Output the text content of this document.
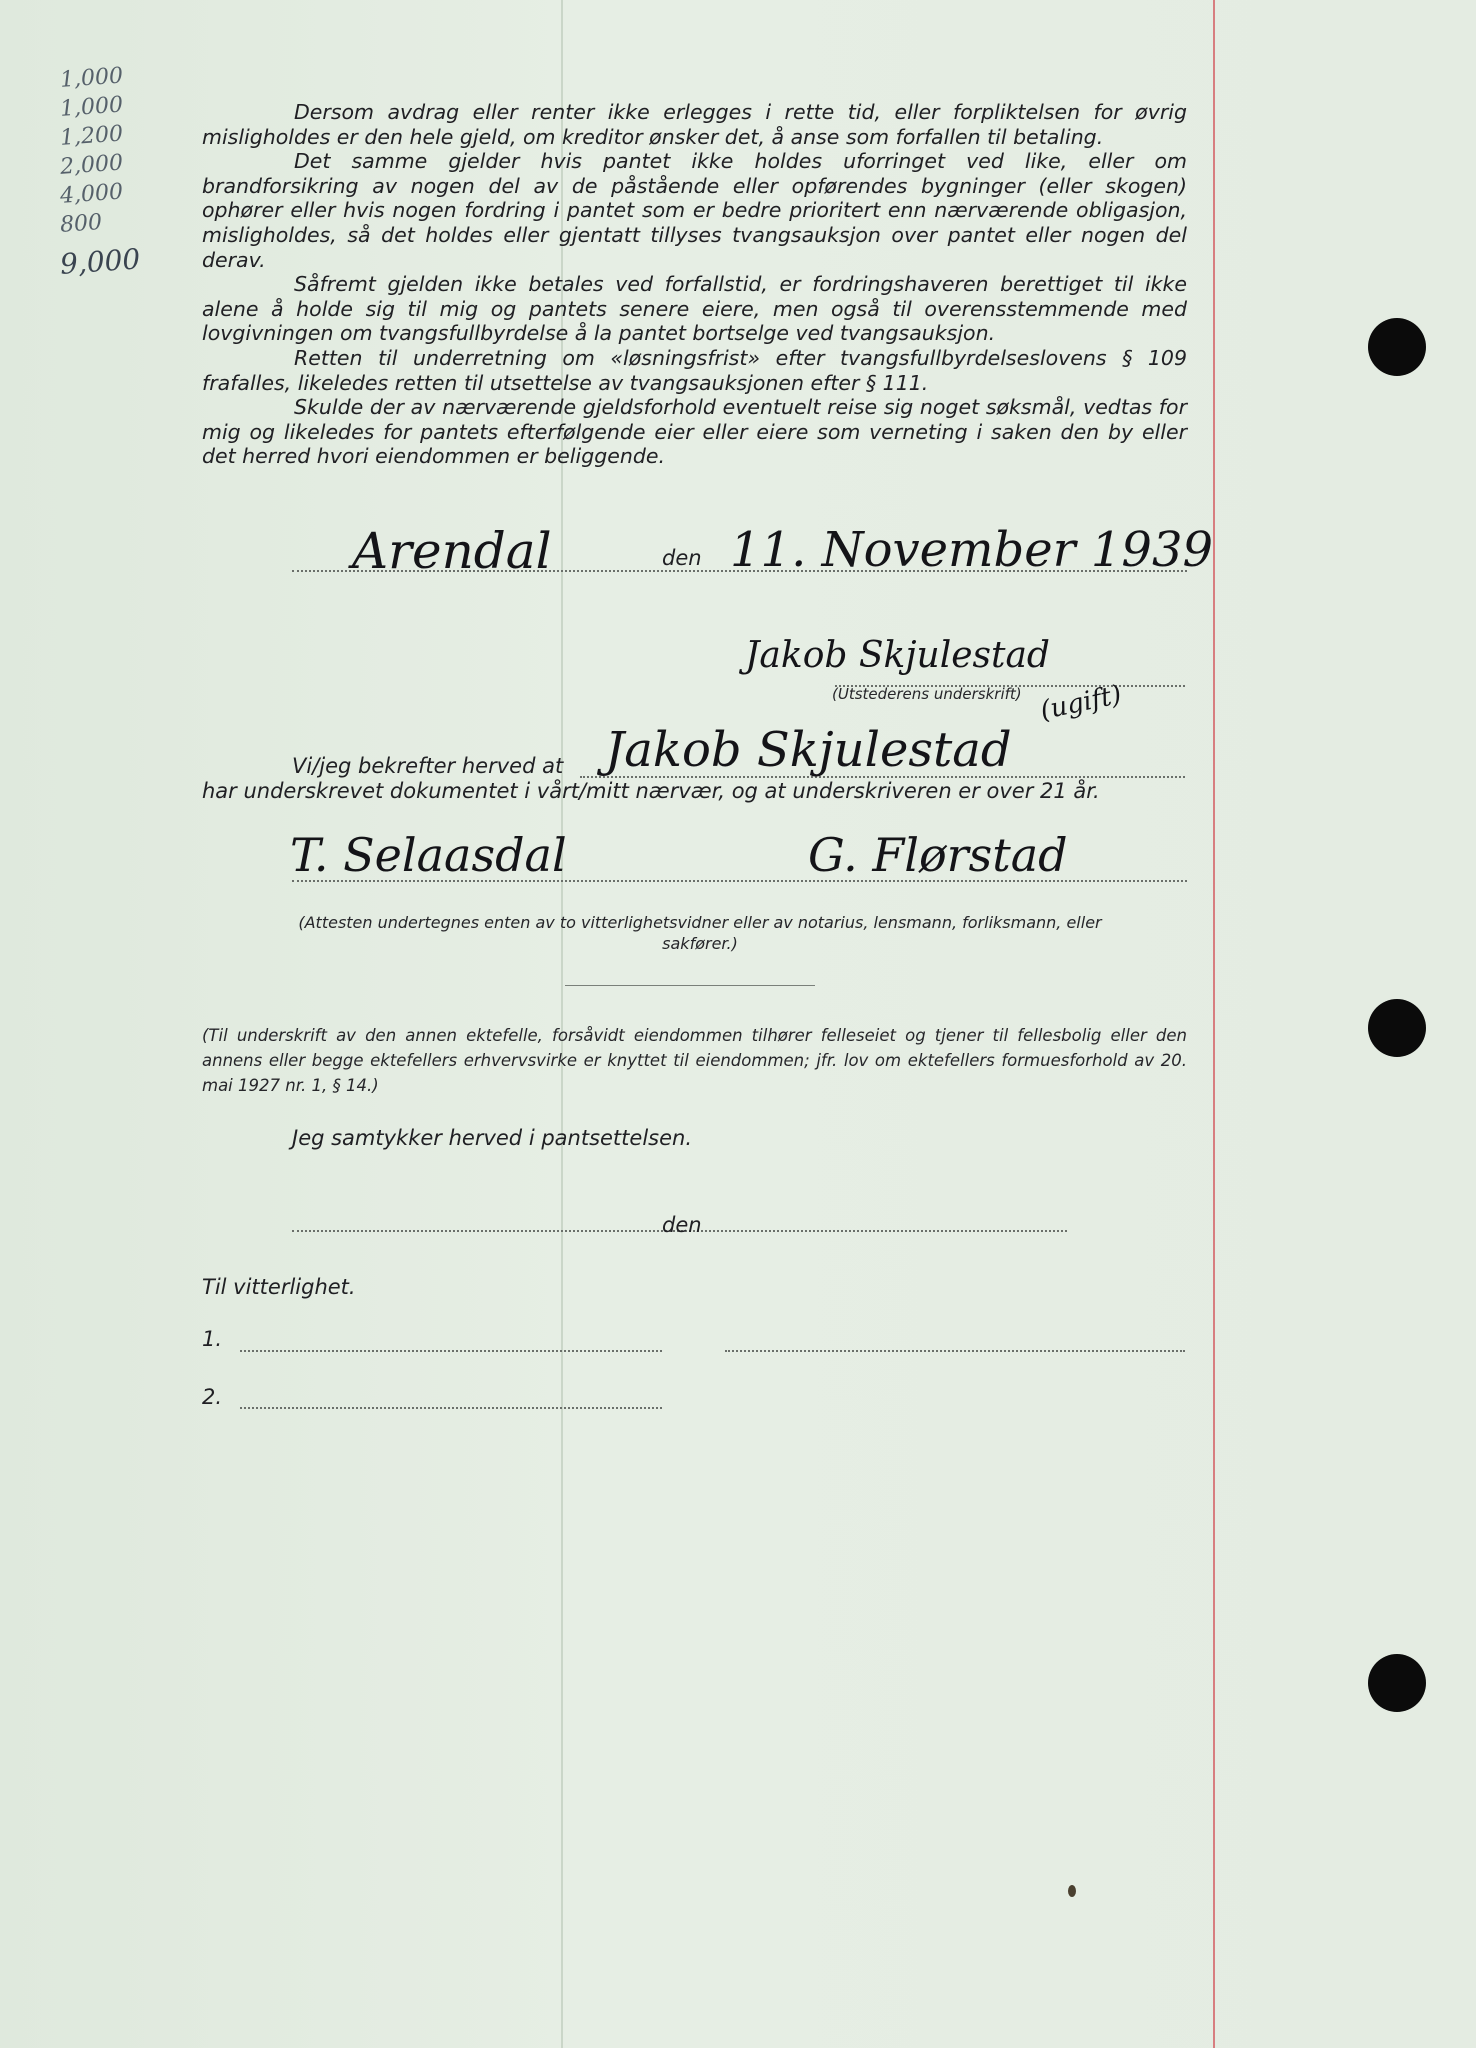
1,000
1,000
1,200
2,000
4,000
800
9,000

Dersom avdrag eller renter ikke erlegges i rette tid, eller forpliktelsen for øvrig misligholdes er den hele gjeld, om kreditor ønsker det, å anse som forfallen til betaling.

Det samme gjelder hvis pantet ikke holdes uforringet ved like, eller om brandforsikring av nogen del av de påstående eller opførendes bygninger (eller skogen) ophører eller hvis nogen fordring i pantet som er bedre prioritert enn nærværende obligasjon, misligholdes, så det holdes eller gjentatt tillyses tvangsauksjon over pantet eller nogen del derav.

Såfremt gjelden ikke betales ved forfallstid, er fordringshaveren berettiget til ikke alene å holde sig til mig og pantets senere eiere, men også til overensstemmende med lovgivningen om tvangsfullbyrdelse å la pantet bortselge ved tvangsauksjon.

Retten til underretning om «løsningsfrist» efter tvangsfullbyrdelseslovens § 109 frafalles, likeledes retten til utsettelse av tvangsauksjonen efter § 111.

Skulde der av nærværende gjeldsforhold eventuelt reise sig noget søksmål, vedtas for mig og likeledes for pantets efterfølgende eier eller eiere som verneting i saken den by eller det herred hvori eiendommen er beliggende.

Arendal	den 11. November 1939
Jakob Skjulestad
(Utstederens underskrift) (ugift)
Vi/jeg bekrefter herved at Jakob Skjulestad
har underskrevet dokumentet i vårt/mitt nærvær, og at underskriveren er over 21 år.
T. Selaasdal	G. Flørstad
(Attesten undertegnes enten av to vitterlighetsvidner eller av notarius, lensmann, forliksmann, eller sakfører.)
(Til underskrift av den annen ektefelle, forsåvidt eiendommen tilhører felleseiet og tjener til fellesbolig eller den annens eller begge ektefellers erhvervsvirke er knyttet til eiendommen; jfr. lov om ektefellers formuesforhold av 20. mai 1927 nr. 1, § 14.)
Jeg samtykker herved i pantsettelsen.
den
Til vitterlighet.
1.
2.
